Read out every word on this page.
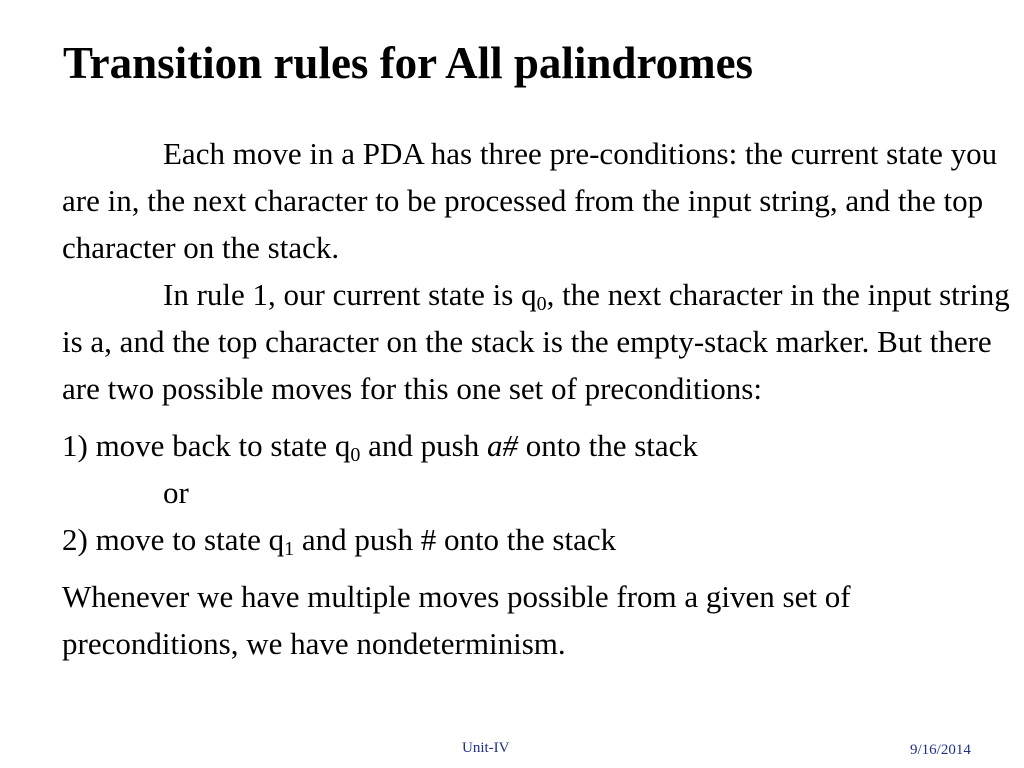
Transition rules for All palindromes

Each move in a PDA has three pre-conditions: the current state you are in, the next character to be processed from the input string, and the top character on the stack.

In rule 1, our current state is $q_0$, the next character in the input string is a, and the top character on the stack is the empty-stack marker. But there are two possible moves for this one set of preconditions:

1) move back to state $q_0$ and push a# onto the stack
or
2) move to state $q_1$ and push # onto the stack

Whenever we have multiple moves possible from a given set of preconditions, we have nondeterminism.

Unit-IV	9/16/2014
